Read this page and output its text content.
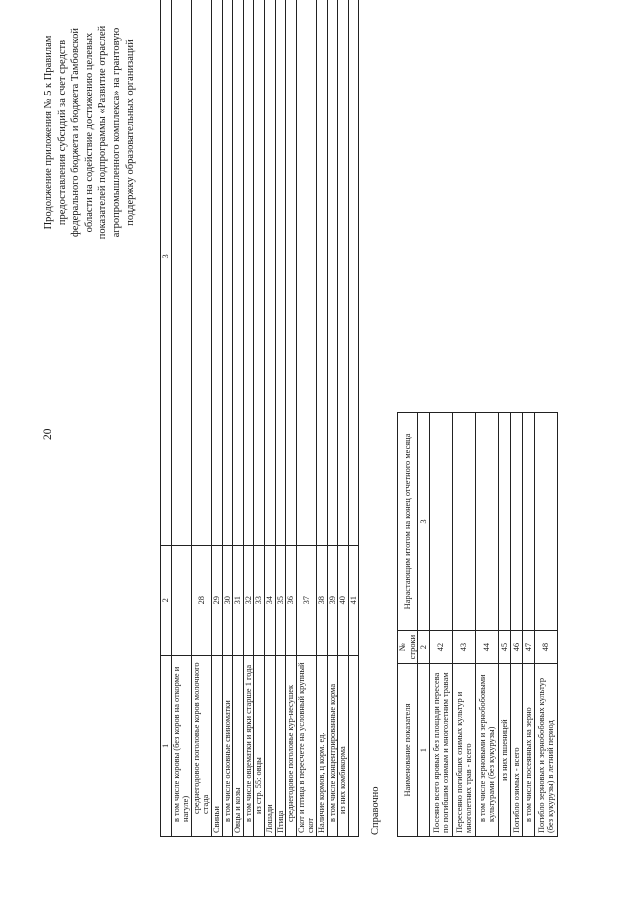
20
Продолжение приложения № 5 к Правилам предоставления субсидий за счет средств федерального бюджета и бюджета Тамбовской области на содействие достижению целевых показателей подпрограммы «Развитие отраслей агропромышленного комплекса» на грантовую поддержку образовательных организаций
1	2	3
в том числе коровы (без коров на откорме и нагуле)		
среднегодовое поголовье коров молочного стада	28	
Свиньи	29	
в том числе основные свиноматки	30	
Овцы и козы	31	
в том числе овцематки и ярки старше 1 года	32	
из стр. 55: овцы	33	
Лошади	34	
Птица	35	
среднегодовое поголовье кур-несушек	36	
Скот и птица в пересчете на условный крупный скот	37	
Наличие кормов, ц корм. ед.	38	
в том числе концентрированные корма	39	
из них комбикорма	40	
	41	
Справочно
Наименование показателя	№ строки	Нарастающим итогом на конец отчетного месяца
1	2	3
Посеяно всего яровых без площади пересева по погибшим озимым и многолетним травам	42	
Пересеяно погибших озимых культур и многолетних трав - всего	43	
в том числе зерновыми и зернобобовыми культурами (без кукурузы)	44	
из них пшеницей	45	
Погибло озимых - всего	46	
в том числе посеянных на зерно	47	
Погибло зерновых и зернобобовых культур (без кукурузы) в летний период	48	
